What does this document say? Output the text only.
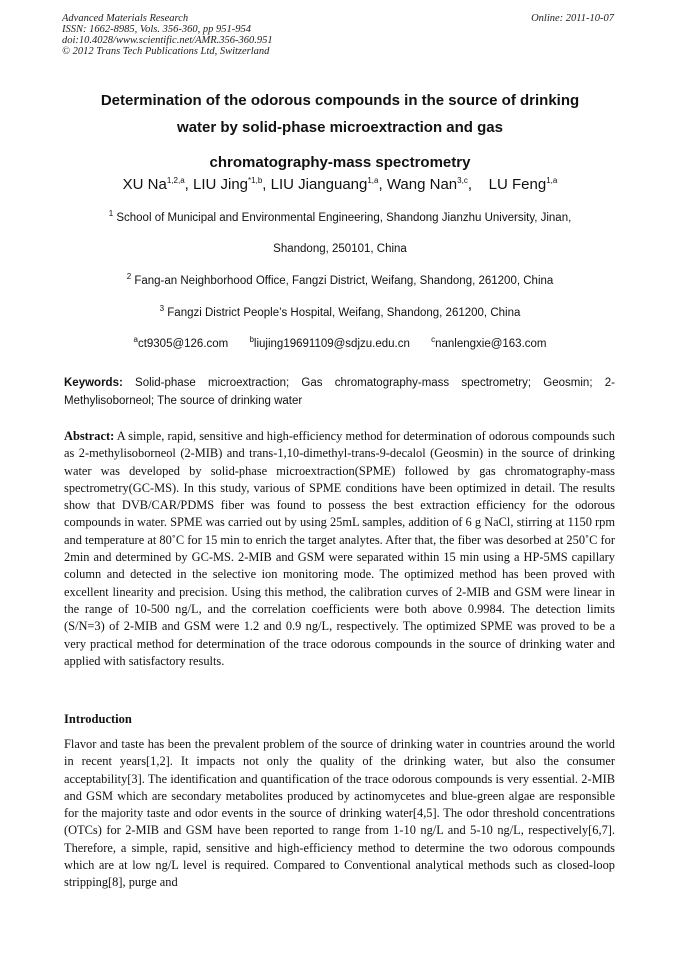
Advanced Materials Research
ISSN: 1662-8985, Vols. 356-360, pp 951-954
doi:10.4028/www.scientific.net/AMR.356-360.951
© 2012 Trans Tech Publications Ltd, Switzerland
Online: 2011-10-07
Determination of the odorous compounds in the source of drinking
water by solid-phase microextraction and gas
chromatography-mass spectrometry
XU Na$^{1,2,a}$, LIU Jing$^{*1,b}$, LIU Jianguang$^{1,a}$, Wang Nan$^{3,c}$,    LU Feng$^{1,a}$
$^1$ School of Municipal and Environmental Engineering, Shandong Jianzhu University, Jinan,
Shandong, 250101, China
$^2$ Fang-an Neighborhood Office, Fangzi District, Weifang, Shandong, 261200, China
$^3$ Fangzi District People’s Hospital, Weifang, Shandong, 261200, China
$^a$ct9305@126.com	$^b$liujing19691109@sdjzu.edu.cn	$^c$nanlengxie@163.com
Keywords: Solid-phase microextraction; Gas chromatography-mass spectrometry; Geosmin; 2-Methylisoborneol; The source of drinking water
Abstract: A simple, rapid, sensitive and high-efficiency method for determination of odorous compounds such as 2-methylisoborneol (2-MIB) and trans-1,10-dimethyl-trans-9-decalol (Geosmin) in the source of drinking water was developed by solid-phase microextraction(SPME) followed by gas chromatography-mass spectrometry(GC-MS). In this study, various of SPME conditions have been optimized in detail. The results show that DVB/CAR/PDMS fiber was found to possess the best extraction efficiency for the odorous compounds in water. SPME was carried out by using 25mL samples, addition of 6 g NaCl, stirring at 1150 rpm and temperature at 80˚C for 15 min to enrich the target analytes. After that, the fiber was desorbed at 250˚C for 2min and determined by GC-MS. 2-MIB and GSM were separated within 15 min using a HP-5MS capillary column and detected in the selective ion monitoring mode. The optimized method has been proved with excellent linearity and precision. Using this method, the calibration curves of 2-MIB and GSM were linear in the range of 10-500 ng/L, and the correlation coefficients were both above 0.9984. The detection limits (S/N=3) of 2-MIB and GSM were 1.2 and 0.9 ng/L, respectively. The optimized SPME was proved to be a very practical method for determination of the trace odorous compounds in the source of drinking water and applied with satisfactory results.
Introduction
Flavor and taste has been the prevalent problem of the source of drinking water in countries around the world in recent years[1,2]. It impacts not only the quality of the drinking water, but also the consumer acceptability[3]. The identification and quantification of the trace odorous compounds is very essential. 2-MIB and GSM which are secondary metabolites produced by actinomycetes and blue-green algae are responsible for the majority taste and odor events in the source of drinking water[4,5]. The odor threshold concentrations (OTCs) for 2-MIB and GSM have been reported to range from 1-10 ng/L and 5-10 ng/L, respectively[6,7]. Therefore, a simple, rapid, sensitive and high-efficiency method to determine the two odorous compounds which are at low ng/L level is required. Compared to Conventional analytical methods such as closed-loop stripping[8], purge and
